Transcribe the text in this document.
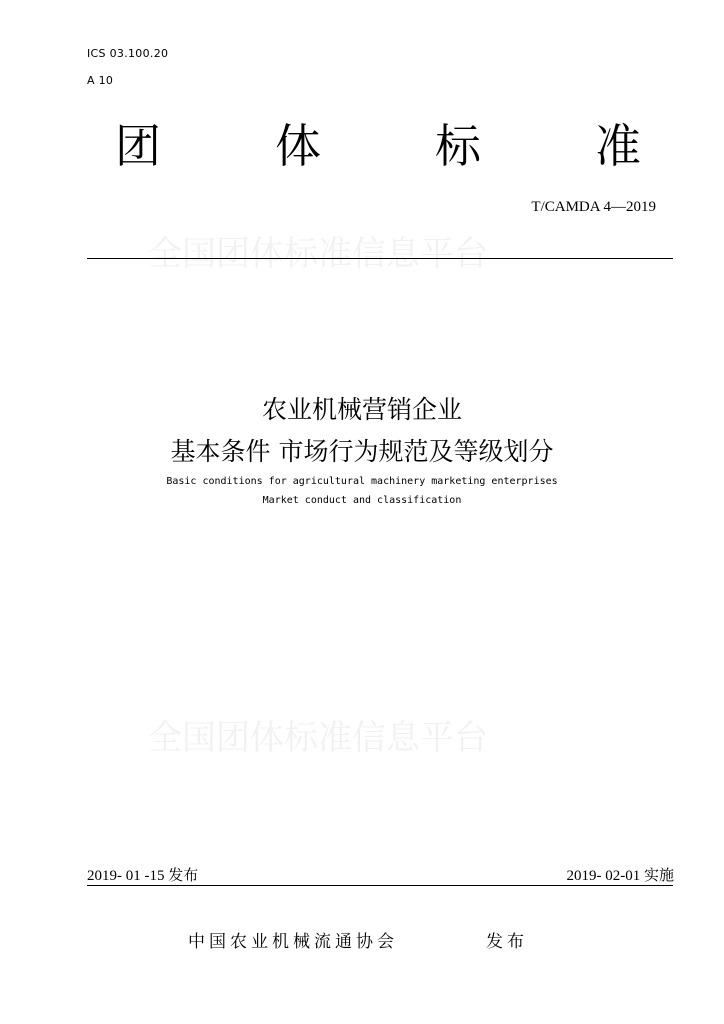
ICS 03.100.20
A 10
团 体 标 准
T/CAMDA 4—2019
全国团体标准信息平台
农业机械营销企业
基本条件 市场行为规范及等级划分
Basic conditions for agricultural machinery marketing enterprises
Market conduct and classification
全国团体标准信息平台
2019- 01 -15 发布	2019- 02-01 实施
中国农业机械流通协会	发布
